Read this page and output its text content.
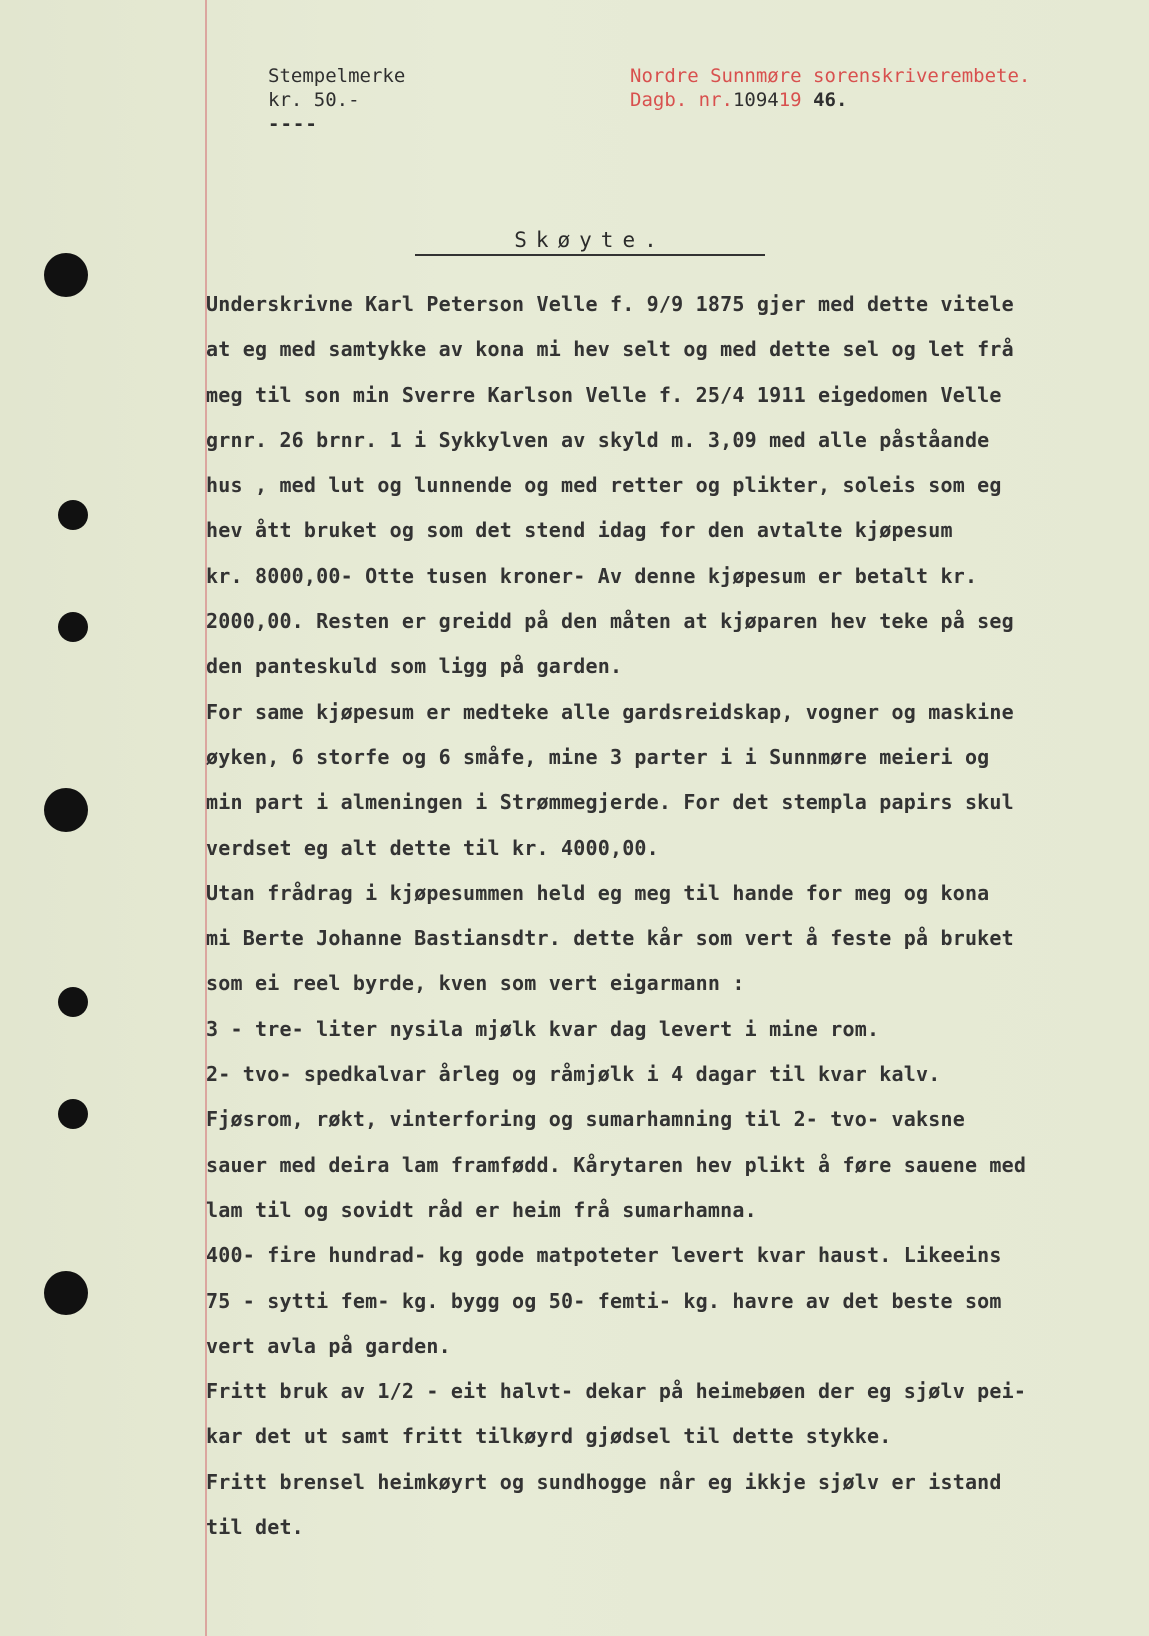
Stempelmerke
kr. 50.-
----
Nordre Sunnmøre sorenskriverembete.
Dagb. nr.109419 46.
Skøyte.
Underskrivne Karl Peterson Velle f. 9/9 1875 gjer med dette vitele
at eg med samtykke av kona mi hev selt og med dette sel og let frå
meg til son min Sverre Karlson Velle f. 25/4 1911 eigedomen Velle
grnr. 26 brnr. 1 i Sykkylven av skyld m. 3,09 med alle påståande
hus , med lut og lunnende og med retter og plikter, soleis som eg
hev ått bruket og som det stend idag for den avtalte kjøpesum
kr. 8000,00- Otte tusen kroner- Av denne kjøpesum er betalt kr.
2000,00. Resten er greidd på den måten at kjøparen hev teke på seg
den panteskuld som ligg på garden.
For same kjøpesum er medteke alle gardsreidskap, vogner og maskine
øyken, 6 storfe og 6 småfe, mine 3 parter i i Sunnmøre meieri og
min part i almeningen i Strømmegjerde. For det stempla papirs skul
verdset eg alt dette til kr. 4000,00.
Utan frådrag i kjøpesummen held eg meg til hande for meg og kona
mi Berte Johanne Bastiansdtr. dette kår som vert å feste på bruket
som ei reel byrde, kven som vert eigarmann :
3 - tre- liter nysila mjølk kvar dag levert i mine rom.
2- tvo- spedkalvar årleg og råmjølk i 4 dagar til kvar kalv.
Fjøsrom, røkt, vinterforing og sumarhamning til 2- tvo- vaksne
sauer med deira lam framfødd. Kårytaren hev plikt å føre sauene med
lam til og sovidt råd er heim frå sumarhamna.
400- fire hundrad- kg gode matpoteter levert kvar haust. Likeeins
75 - sytti fem- kg. bygg og 50- femti- kg. havre av det beste som
vert avla på garden.
Fritt bruk av 1/2 - eit halvt- dekar på heimebøen der eg sjølv pei-
kar det ut samt fritt tilkøyrd gjødsel til dette stykke.
Fritt brensel heimkøyrt og sundhogge når eg ikkje sjølv er istand
til det.
